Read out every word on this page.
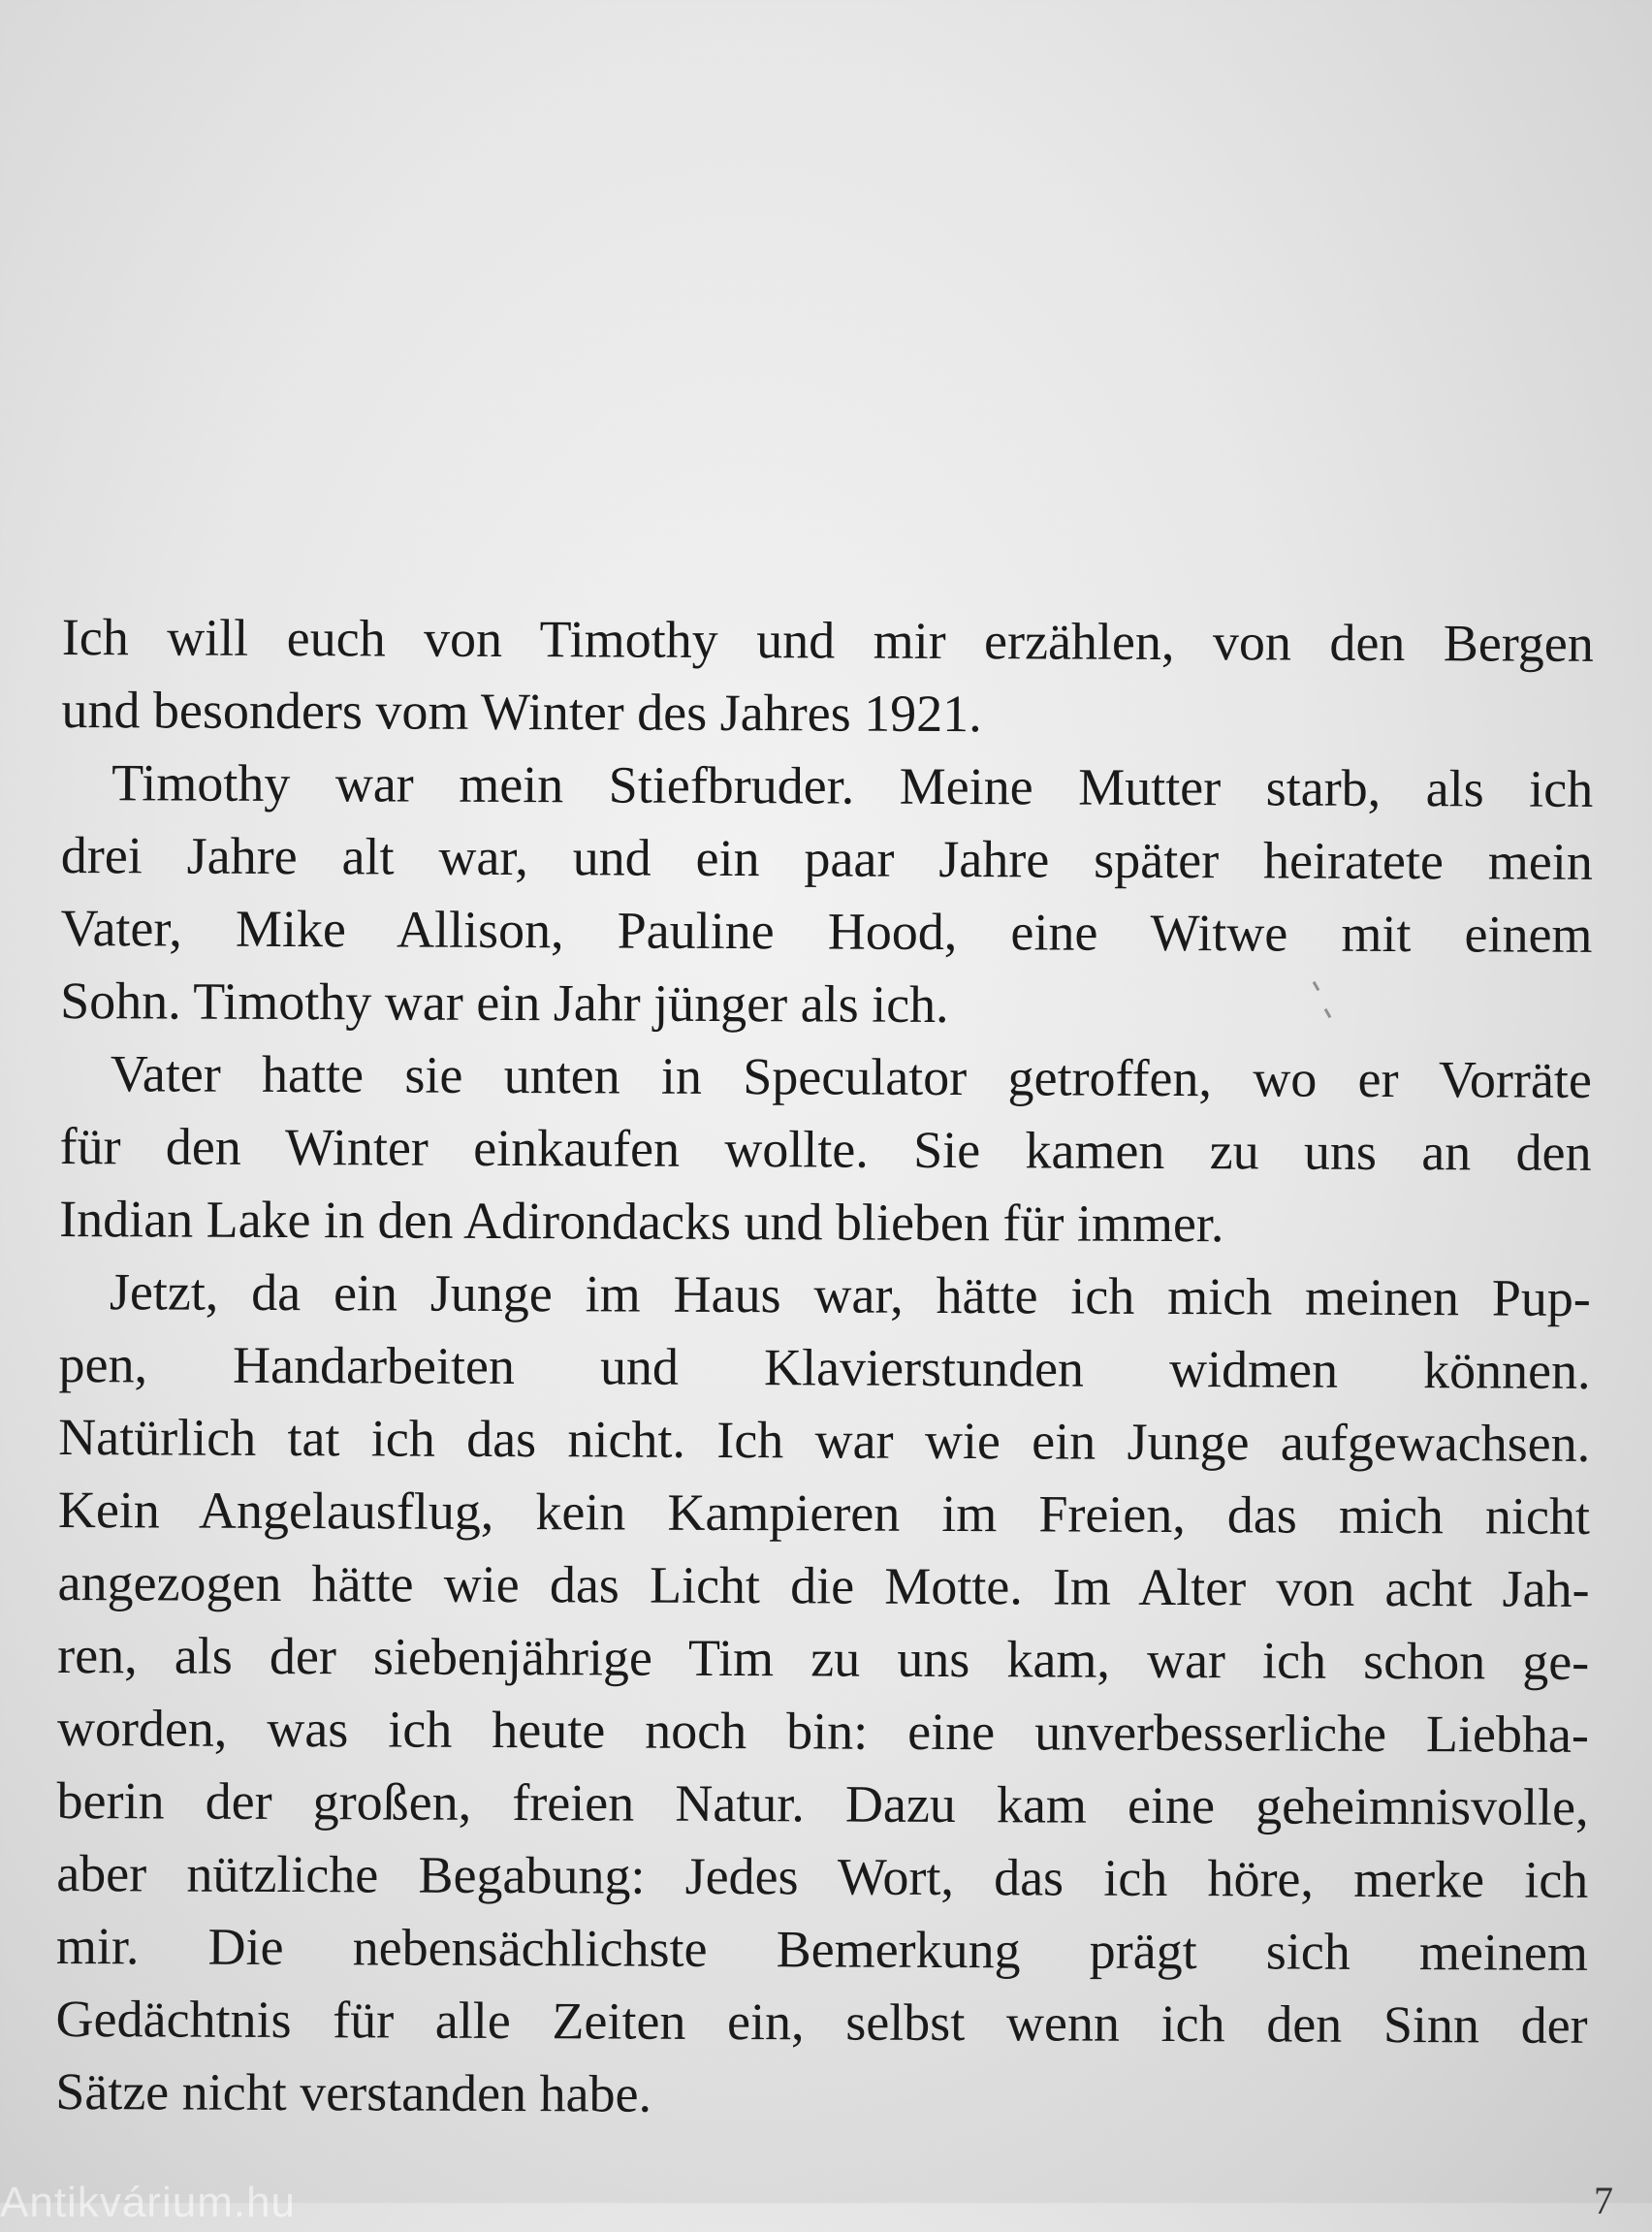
Ich will euch von Timothy und mir erzählen, von den Bergen
und besonders vom Winter des Jahres 1921.

Timothy war mein Stiefbruder. Meine Mutter starb, als ich
drei Jahre alt war, und ein paar Jahre später heiratete mein
Vater, Mike Allison, Pauline Hood, eine Witwe mit einem
Sohn. Timothy war ein Jahr jünger als ich.

Vater hatte sie unten in Speculator getroffen, wo er Vorräte
für den Winter einkaufen wollte. Sie kamen zu uns an den
Indian Lake in den Adirondacks und blieben für immer.

Jetzt, da ein Junge im Haus war, hätte ich mich meinen Pup-
pen, Handarbeiten und Klavierstunden widmen können.
Natürlich tat ich das nicht. Ich war wie ein Junge aufgewachsen.
Kein Angelausflug, kein Kampieren im Freien, das mich nicht
angezogen hätte wie das Licht die Motte. Im Alter von acht Jah-
ren, als der siebenjährige Tim zu uns kam, war ich schon ge-
worden, was ich heute noch bin: eine unverbesserliche Liebha-
berin der großen, freien Natur. Dazu kam eine geheimnisvolle,
aber nützliche Begabung: Jedes Wort, das ich höre, merke ich
mir. Die nebensächlichste Bemerkung prägt sich meinem
Gedächtnis für alle Zeiten ein, selbst wenn ich den Sinn der
Sätze nicht verstanden habe.

Antikvárium.hu	7
